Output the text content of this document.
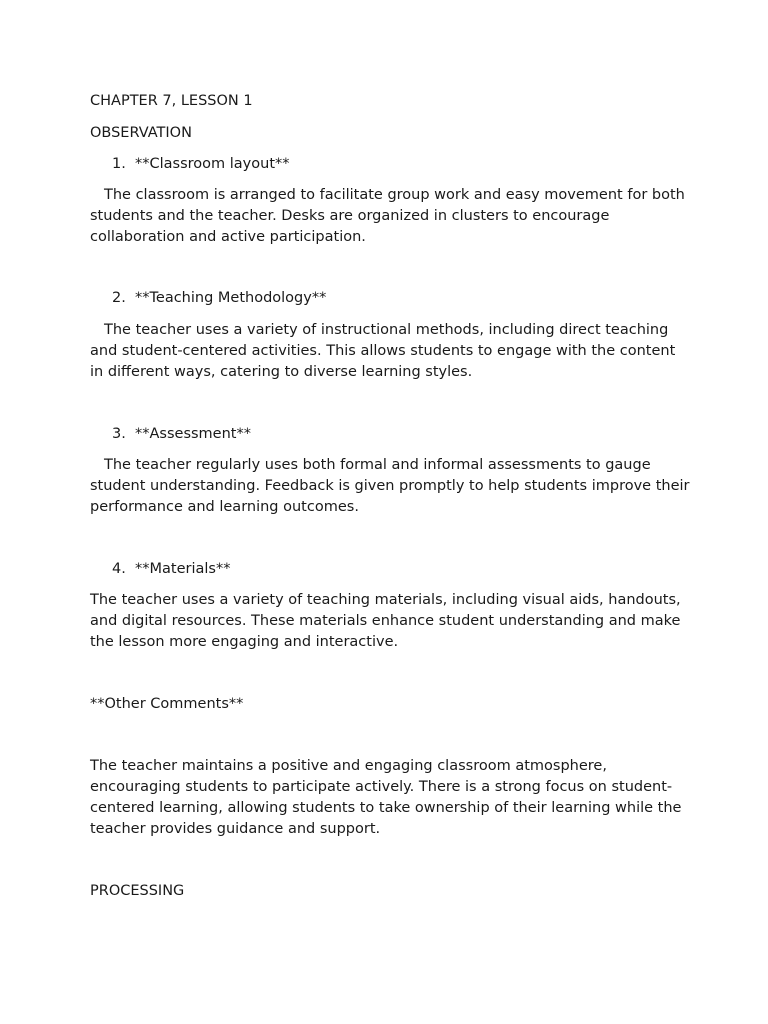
CHAPTER 7, LESSON 1
OBSERVATION
1. **Classroom layout**

The classroom is arranged to facilitate group work and easy movement for both students and the teacher. Desks are organized in clusters to encourage collaboration and active participation.

2. **Teaching Methodology**

The teacher uses a variety of instructional methods, including direct teaching and student-centered activities. This allows students to engage with the content in different ways, catering to diverse learning styles.

3. **Assessment**

The teacher regularly uses both formal and informal assessments to gauge student understanding. Feedback is given promptly to help students improve their performance and learning outcomes.

4. **Materials**

The teacher uses a variety of teaching materials, including visual aids, handouts, and digital resources. These materials enhance student understanding and make the lesson more engaging and interactive.

**Other Comments**

The teacher maintains a positive and engaging classroom atmosphere, encouraging students to participate actively. There is a strong focus on student-centered learning, allowing students to take ownership of their learning while the teacher provides guidance and support.

PROCESSING
